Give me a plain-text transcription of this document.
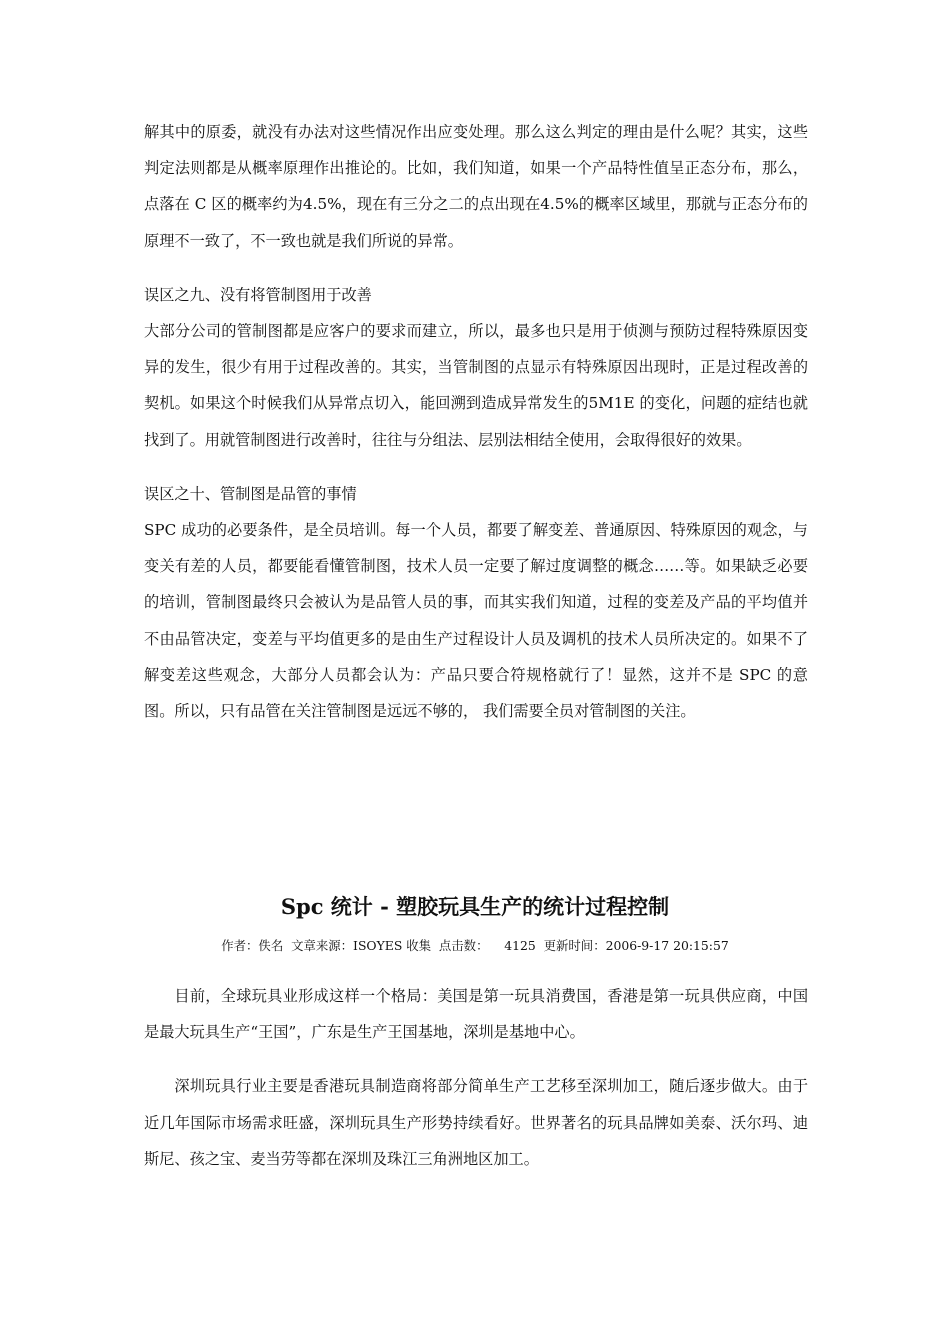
解其中的原委，就没有办法对这些情况作出应变处理。那么这么判定的理由是什么呢？其实，这些判定法则都是从概率原理作出推论的。比如，我们知道，如果一个产品特性值呈正态分布，那么，点落在 C 区的概率约为4.5%，现在有三分之二的点出现在4.5%的概率区域里，那就与正态分布的原理不一致了，不一致也就是我们所说的异常。

误区之九、没有将管制图用于改善

大部分公司的管制图都是应客户的要求而建立，所以，最多也只是用于侦测与预防过程特殊原因变异的发生，很少有用于过程改善的。其实，当管制图的点显示有特殊原因出现时，正是过程改善的契机。如果这个时候我们从异常点切入，能回溯到造成异常发生的5M1E 的变化，问题的症结也就找到了。用就管制图进行改善时，往往与分组法、层别法相结全使用，会取得很好的效果。

误区之十、管制图是品管的事情

SPC 成功的必要条件，是全员培训。每一个人员，都要了解变差、普通原因、特殊原因的观念，与变关有差的人员，都要能看懂管制图，技术人员一定要了解过度调整的概念……等。如果缺乏必要的培训，管制图最终只会被认为是品管人员的事，而其实我们知道，过程的变差及产品的平均值并不由品管决定，变差与平均值更多的是由生产过程设计人员及调机的技术人员所决定的。如果不了解变差这些观念，大部分人员都会认为：产品只要合符规格就行了！显然，这并不是 SPC 的意图。所以，只有品管在关注管制图是远远不够的， 我们需要全员对管制图的关注。

Spc 统计 - 塑胶玩具生产的统计过程控制

作者：佚名  文章来源：ISOYES 收集  点击数：    4125  更新时间：2006-9-17 20:15:57

目前，全球玩具业形成这样一个格局：美国是第一玩具消费国，香港是第一玩具供应商，中国是最大玩具生产“王国”，广东是生产王国基地，深圳是基地中心。

深圳玩具行业主要是香港玩具制造商将部分简单生产工艺移至深圳加工，随后逐步做大。由于近几年国际市场需求旺盛，深圳玩具生产形势持续看好。世界著名的玩具品牌如美泰、沃尔玛、迪斯尼、孩之宝、麦当劳等都在深圳及珠江三角洲地区加工。
